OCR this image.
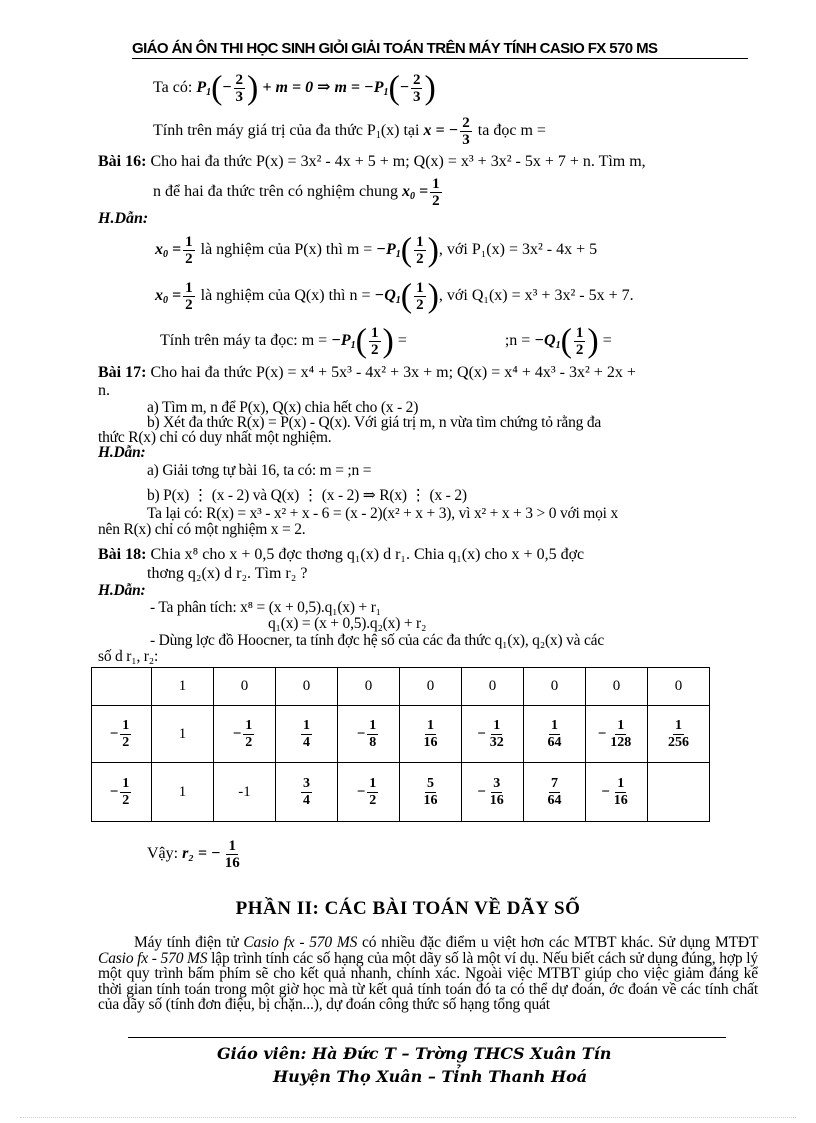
GIÁO ÁN ÔN THI HỌC SINH GIỎI GIẢI TOÁN TRÊN MÁY TÍNH CASIO FX 570 MS
Ta có: $P_1(- \frac{2}{3}$ ) + m = 0 ⇒ $m = -P_1(- \frac{2}{3}$ )
Tính trên máy giá trị của đa thức $P_1(x)$ tại x = − $\frac{2}{3}$ ta đọc m =
Bài 16: Cho hai đa thức P(x) = 3x² - 4x + 5 + m; Q(x) = x³ + 3x² - 5x + 7 + n. Tìm m,
n để hai đa thức trên có nghiệm chung $x_0 = \frac{1}{2}$
H.Dẫn:
$x_0 = \frac{1}{2}$ là nghiệm của P(x) thì $m = -P_1( \frac{1}{2}$ ), với P₁(x) = 3x² - 4x + 5
$x_0 = \frac{1}{2}$ là nghiệm của Q(x) thì $n = -Q_1( \frac{1}{2}$ ), với Q₁(x) = x³ + 3x² - 5x + 7.
Tính trên máy ta đọc: $m = -P_1( \frac{1}{2}$ ) =	;n = $-Q_1( \frac{1}{2}$ ) =
Bài 17: Cho hai đa thức P(x) = x⁴ + 5x³ - 4x² + 3x + m; Q(x) = x⁴ + 4x³ - 3x² + 2x +
n.
a) Tìm m, n để P(x), Q(x) chia hết cho (x - 2)
b) Xét đa thức R(x) = P(x) - Q(x). Với giá trị m, n vừa tìm chứng tỏ rằng đa
thức R(x) chỉ có duy nhất một nghiệm.
H.Dẫn:
a) Giải tơng tự bài 16, ta có: m = ;n =
b) P(x) ⋮ (x - 2) và Q(x) ⋮ (x - 2) ⇒ R(x) ⋮ (x - 2)
Ta lại có: R(x) = x³ - x² + x - 6 = (x - 2)(x² + x + 3), vì x² + x + 3 > 0 với mọi x
nên R(x) chỉ có một nghiệm x = 2.
Bài 18: Chia x⁸ cho x + 0,5 đợc thơng q₁(x) d r₁. Chia q₁(x) cho x + 0,5 đợc
thơng q₂(x) d r₂. Tìm r₂ ?
H.Dẫn:
- Ta phân tích: x⁸ = (x + 0,5).q₁(x) + r₁
q₁(x) = (x + 0,5).q₂(x) + r₂
- Dùng lợc đồ Hoocner, ta tính đợc hệ số của các đa thức q₁(x), q₂(x) và các
số d r₁, r₂:
	1	0	0	0	0	0	0	0	0

− $\frac{1}{2}$	1	− $\frac{1}{2}$	$\frac{1}{4}$	− $\frac{1}{8}$	$\frac{1}{16}$	− $\frac{1}{32}$	$\frac{1}{64}$	− $\frac{1}{128}$	$\frac{1}{256}$

− $\frac{1}{2}$	1	-1	$\frac{3}{4}$	− $\frac{1}{2}$	$\frac{5}{16}$	− $\frac{3}{16}$	$\frac{7}{64}$	− $\frac{1}{16}$

Vậy: r₂ = − $\frac{1}{16}$
PHẦN II: CÁC BÀI TOÁN VỀ DÃY SỐ
Máy tính điện tử Casio fx - 570 MS có nhiều đặc điểm u việt hơn các MTBT khác. Sử dụng MTĐT Casio fx - 570 MS lập trình tính các số hạng của một dãy số là một ví dụ. Nếu biết cách sử dụng đúng, hợp lý một quy trình bấm phím sẽ cho kết quả nhanh, chính xác. Ngoài việc MTBT giúp cho việc giảm đáng kể thời gian tính toán trong một giờ học mà từ kết quả tính toán đó ta có thể dự đoán, ớc đoán về các tính chất của dãy số (tính đơn điệu, bị chặn...), dự đoán công thức số hạng tổng quát
Giáo viên: Hà Đức T – Trờng THCS Xuân Tín
Huyện Thọ Xuân – Tỉnh Thanh Hoá
